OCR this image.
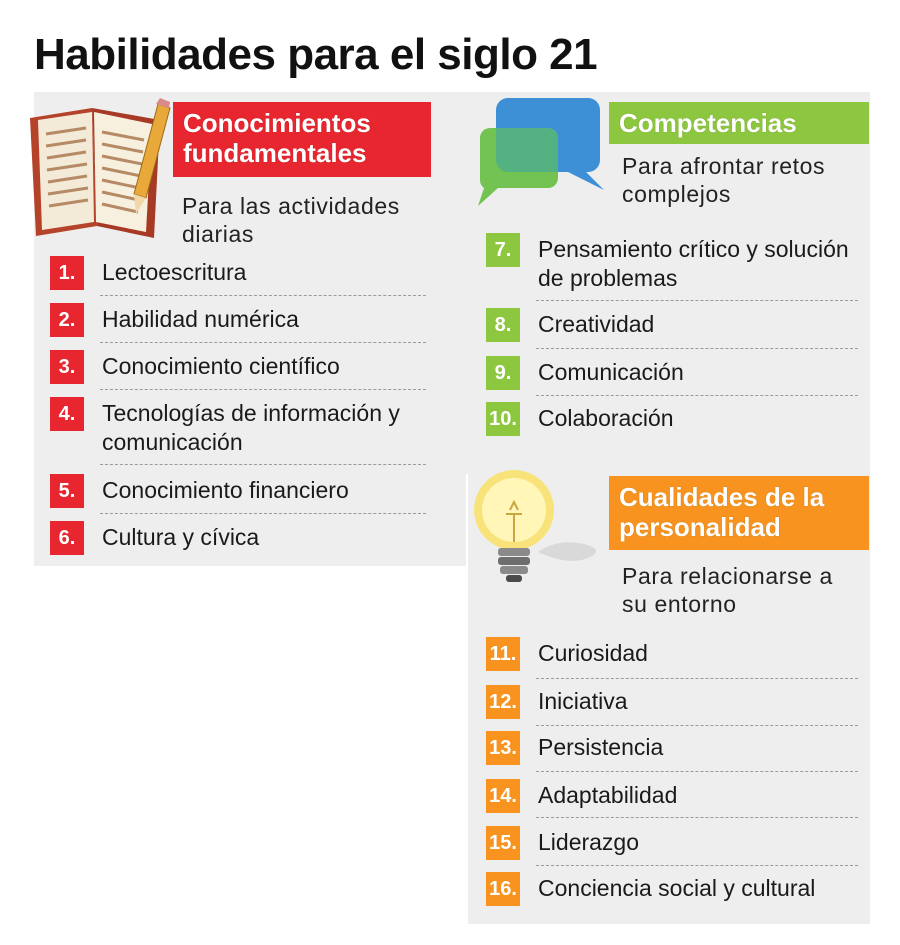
Habilidades para el siglo 21
Conocimientos fundamentales
Para las actividades diarias
1.	Lectoescritura
2.	Habilidad numérica
3.	Conocimiento científico
4.	Tecnologías de información y comunicación
5.	Conocimiento financiero
6.	Cultura y cívica
Competencias
Para afrontar retos complejos
7.	Pensamiento crítico y solución de problemas
8.	Creatividad
9.	Comunicación
10. Colaboración
Cualidades de la personalidad
Para relacionarse a su entorno
11. Curiosidad
12. Iniciativa
13. Persistencia
14. Adaptabilidad
15. Liderazgo
16. Conciencia social y cultural
